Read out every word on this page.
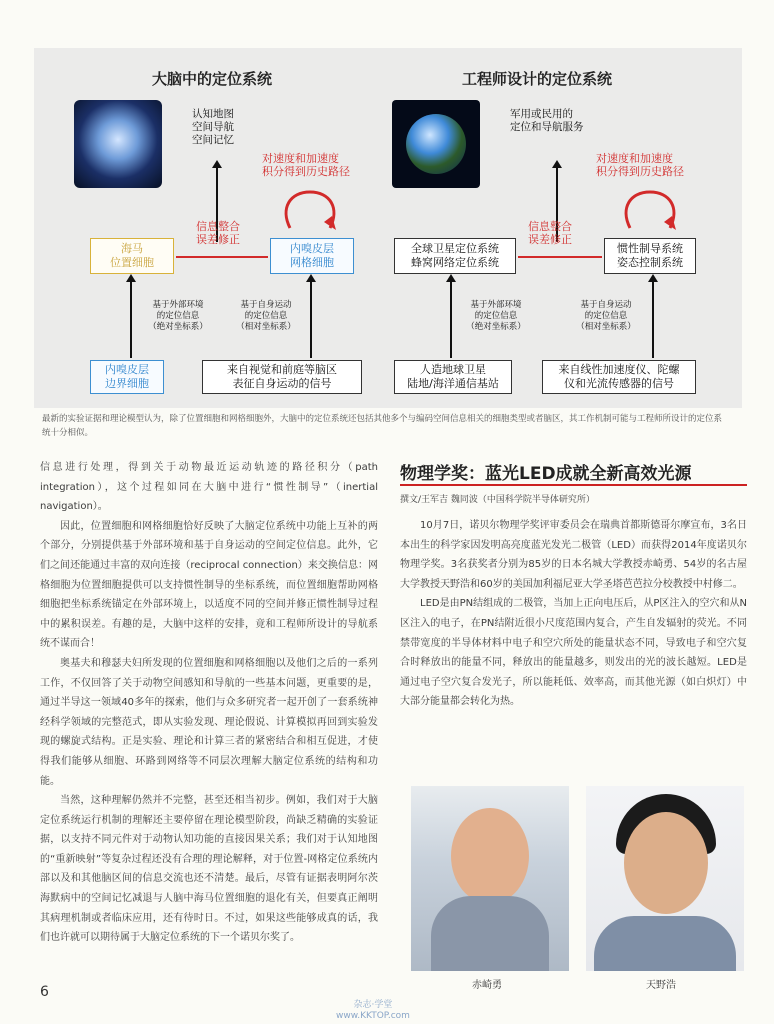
大脑中的定位系统	工程师设计的定位系统
认知地图
空间导航
空间记忆
对速度和加速度
积分得到历史路径
信息整合
误差修正
海马
位置细胞
内嗅皮层
网格细胞
基于外部环境
的定位信息
（绝对坐标系）
基于自身运动
的定位信息
（相对坐标系）
内嗅皮层
边界细胞
来自视觉和前庭等脑区
表征自身运动的信号
军用或民用的
定位和导航服务
对速度和加速度
积分得到历史路径
信息整合
误差修正
全球卫星定位系统
蜂窝网络定位系统
惯性制导系统
姿态控制系统
基于外部环境
的定位信息
（绝对坐标系）
基于自身运动
的定位信息
（相对坐标系）
人造地球卫星
陆地/海洋通信基站
来自线性加速度仪、陀螺
仪和光流传感器的信号
最新的实验证据和理论模型认为，除了位置细胞和网格细胞外，大脑中的定位系统还包括其他多个与编码空间信息相关的细胞类型或者脑区，其工作机制可能与工程师所设计的定位系统十分相似。

信息进行处理，得到关于动物最近运动轨迹的路径积分（path integration），这个过程如同在大脑中进行“惯性制导”（inertial navigation）。

因此，位置细胞和网格细胞恰好反映了大脑定位系统中功能上互补的两个部分，分别提供基于外部环境和基于自身运动的空间定位信息。此外，它们之间还能通过丰富的双向连接（reciprocal connection）来交换信息：网格细胞为位置细胞提供可以支持惯性制导的坐标系统，而位置细胞帮助网格细胞把坐标系统锚定在外部环境上，以适度不同的空间并修正惯性制导过程中的累积误差。有趣的是，大脑中这样的安排，竟和工程师所设计的导航系统不谋而合！

奥基夫和穆瑟夫妇所发现的位置细胞和网格细胞以及他们之后的一系列工作，不仅回答了关于动物空间感知和导航的一些基本问题，更重要的是，通过半导这一领域40多年的探索，他们与众多研究者一起开创了一套系统神经科学领域的完整范式，即从实验发现、理论假说、计算模拟再回到实验发现的螺旋式结构。正是实验、理论和计算三者的紧密结合和相互促进，才使得我们能够从细胞、环路到网络等不同层次理解大脑定位系统的结构和功能。

当然，这种理解仍然并不完整，甚至还相当初步。例如，我们对于大脑定位系统运行机制的理解还主要停留在理论模型阶段，尚缺乏精确的实验证据，以支持不同元件对于动物认知功能的直接因果关系；我们对于认知地图的“重新映射”等复杂过程还没有合理的理论解释，对于位置-网格定位系统内部以及和其他脑区间的信息交流也还不清楚。最后，尽管有证据表明阿尔茨海默病中的空间记忆减退与人脑中海马位置细胞的退化有关，但要真正阐明其病理机制或者临床应用，还有待时日。不过，如果这些能够成真的话，我们也许就可以期待属于大脑定位系统的下一个诺贝尔奖了。

物理学奖：蓝光LED成就全新高效光源
撰文/王军吉 魏同波（中国科学院半导体研究所）

10月7日，诺贝尔物理学奖评审委员会在瑞典首都斯德哥尔摩宣布，3名日本出生的科学家因发明高亮度蓝光发光二极管（LED）而获得2014年度诺贝尔物理学奖。3名获奖者分别为85岁的日本名城大学教授赤崎勇、54岁的名古屋大学教授天野浩和60岁的美国加利福尼亚大学圣塔芭芭拉分校教授中村修二。

LED是由PN结组成的二极管，当加上正向电压后，从P区注入的空穴和从N区注入的电子，在PN结附近很小尺度范围内复合，产生自发辐射的荧光。不同禁带宽度的半导体材料中电子和空穴所处的能量状态不同，导致电子和空穴复合时释放出的能量不同，释放出的能量越多，则发出的光的波长越短。LED是通过电子空穴复合发光子，所以能耗低、效率高，而其他光源（如白炽灯）中大部分能量都会转化为热。

赤崎勇	天野浩
6
杂志·学堂
www.KKTOP.com
